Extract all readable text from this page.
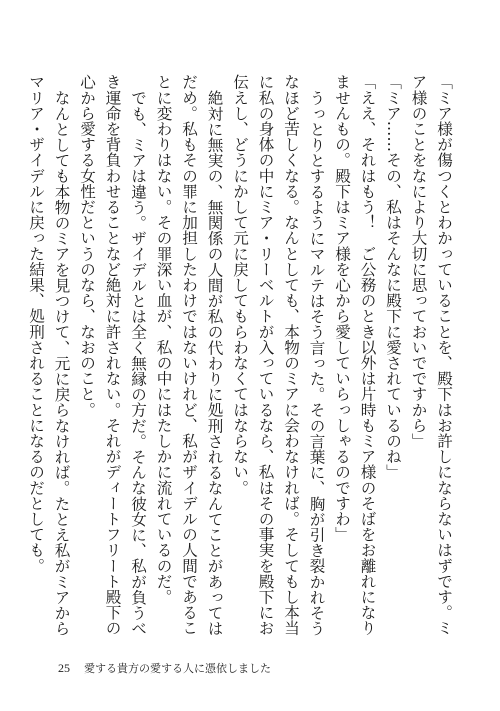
「ミア様が傷つくとわかっていることを、殿下はお許しにならないはずです。ミア様のことをなにより大切に思っておいでですから」

「ミア……その、私はそんなに殿下に愛されているのね」

「ええ、それはもう！　ご公務のとき以外は片時もミア様のそばをお離れになりませんもの。殿下はミア様を心から愛していらっしゃるのですわ」

うっとりとするようにマルテはそう言った。その言葉に、胸が引き裂かれそうなほど苦しくなる。なんとしても、本物のミアに会わなければ。そしてもし本当に私の身体の中にミア・リーベルトが入っているなら、私はその事実を殿下にお伝えし、どうにかして元に戻してもらわなくてはならない。

絶対に無実の、無関係の人間が私の代わりに処刑されるなんてことがあってはだめ。私もその罪に加担したわけではないけれど、私がザイデルの人間であることに変わりはない。その罪深い血が、私の中にはたしかに流れているのだ。

でも、ミアは違う。ザイデルとは全く無縁の方だ。そんな彼女に、私が負うべき運命を背負わせることなど絶対に許されない。それがディートフリート殿下の心から愛する女性だというのなら、なおのこと。

なんとしても本物のミアを見つけて、元に戻らなければ。たとえ私がミアからマリア・ザイデルに戻った結果、処刑されることになるのだとしても。

25 愛する貴方の愛する人に憑依しました
